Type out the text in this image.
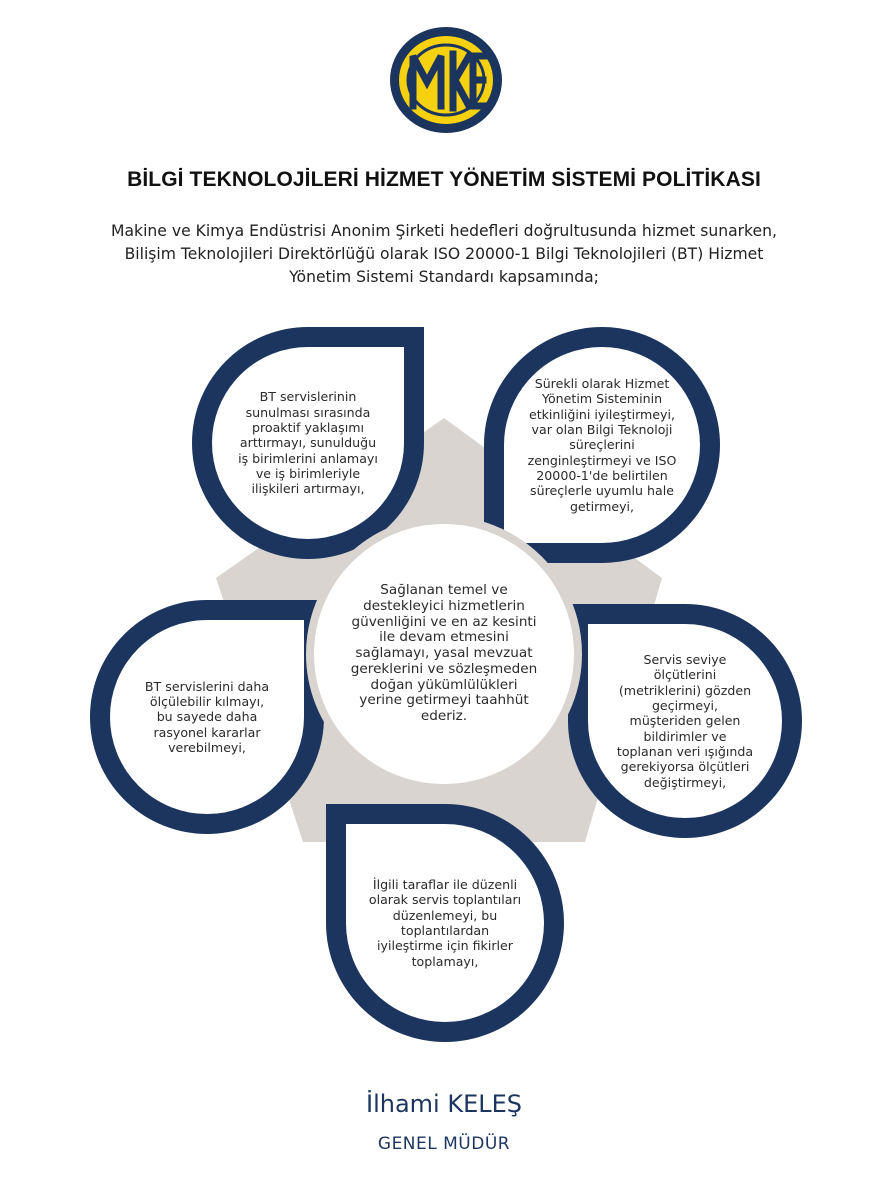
BİLGİ TEKNOLOJİLERİ HİZMET YÖNETİM SİSTEMİ POLİTİKASI
Makine ve Kimya Endüstrisi Anonim Şirketi hedefleri doğrultusunda hizmet sunarken,
Bilişim Teknolojileri Direktörlüğü olarak ISO 20000-1 Bilgi Teknolojileri (BT) Hizmet
Yönetim Sistemi Standardı kapsamında;
BT servislerinin
sunulması sırasında
proaktif yaklaşımı
arttırmayı, sunulduğu
iş birimlerini anlamayı
ve iş birimleriyle
ilişkileri artırmayı,
Sürekli olarak Hizmet
Yönetim Sisteminin
etkinliğini iyileştirmeyi,
var olan Bilgi Teknoloji
süreçlerini
zenginleştirmeyi ve ISO
20000-1'de belirtilen
süreçlerle uyumlu hale
getirmeyi,
BT servislerini daha
ölçülebilir kılmayı,
bu sayede daha
rasyonel kararlar
verebilmeyi,
Servis seviye
ölçütlerini
(metriklerini) gözden
geçirmeyi,
müşteriden gelen
bildirimler ve
toplanan veri ışığında
gerekiyorsa ölçütleri
değiştirmeyi,
İlgili taraflar ile düzenli
olarak servis toplantıları
düzenlemeyi, bu
toplantılardan
iyileştirme için fikirler
toplamayı,
Sağlanan temel ve
destekleyici hizmetlerin
güvenliğini ve en az kesinti
ile devam etmesini
sağlamayı, yasal mevzuat
gereklerini ve sözleşmeden
doğan yükümlülükleri
yerine getirmeyi taahhüt
ederiz.
İlhami KELEŞ
GENEL MÜDÜR
